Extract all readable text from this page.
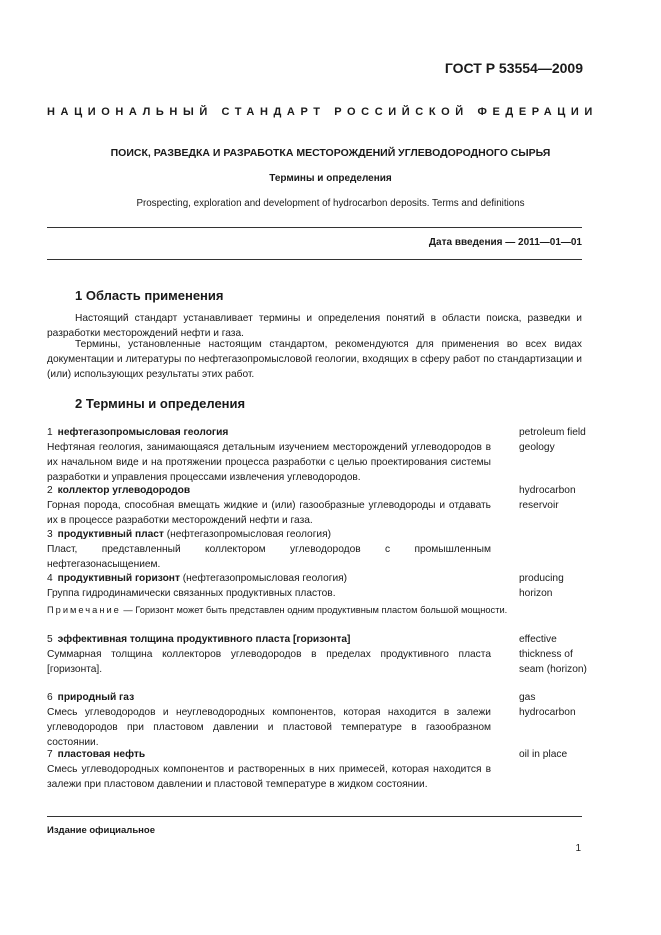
ГОСТ Р 53554—2009
НАЦИОНАЛЬНЫЙ СТАНДАРТ РОССИЙСКОЙ ФЕДЕРАЦИИ
ПОИСК, РАЗВЕДКА И РАЗРАБОТКА МЕСТОРОЖДЕНИЙ УГЛЕВОДОРОДНОГО СЫРЬЯ
Термины и определения
Prospecting, exploration and development of hydrocarbon deposits. Terms and definitions
Дата введения — 2011—01—01
1 Область применения
Настоящий стандарт устанавливает термины и определения понятий в области поиска, разведки и разработки месторождений нефти и газа.
Термины, установленные настоящим стандартом, рекомендуются для применения во всех видах документации и литературы по нефтегазопромысловой геологии, входящих в сферу работ по стандартизации и (или) использующих результаты этих работ.
2 Термины и определения
1 нефтегазопромысловая геология
Нефтяная геология, занимающаяся детальным изучением месторождений углеводородов в их начальном виде и на протяжении процесса разработки с целью проектирования системы разработки и управления процессами извлечения углеводородов.
petroleum field geology
2 коллектор углеводородов
Горная порода, способная вмещать жидкие и (или) газообразные углеводороды и отдавать их в процессе разработки месторождений нефти и газа.
hydrocarbon reservoir
3 продуктивный пласт (нефтегазопромысловая геология)
Пласт, представленный коллектором углеводородов с промышленным нефтегазонасыщением.
4 продуктивный горизонт (нефтегазопромысловая геология)
Группа гидродинамически связанных продуктивных пластов.
producing horizon
Примечание — Горизонт может быть представлен одним продуктивным пластом большой мощности.
5 эффективная толщина продуктивного пласта [горизонта]
Суммарная толщина коллекторов углеводородов в пределах продуктивного пласта [горизонта].
effective thickness of seam (horizon)
6 природный газ
Смесь углеводородов и неуглеводородных компонентов, которая находится в залежи углеводородов при пластовом давлении и пластовой температуре в газообразном состоянии.
gas hydrocarbon
7 пластовая нефть
Смесь углеводородных компонентов и растворенных в них примесей, которая находится в залежи при пластовом давлении и пластовой температуре в жидком состоянии.
oil in place
Издание официальное
1
